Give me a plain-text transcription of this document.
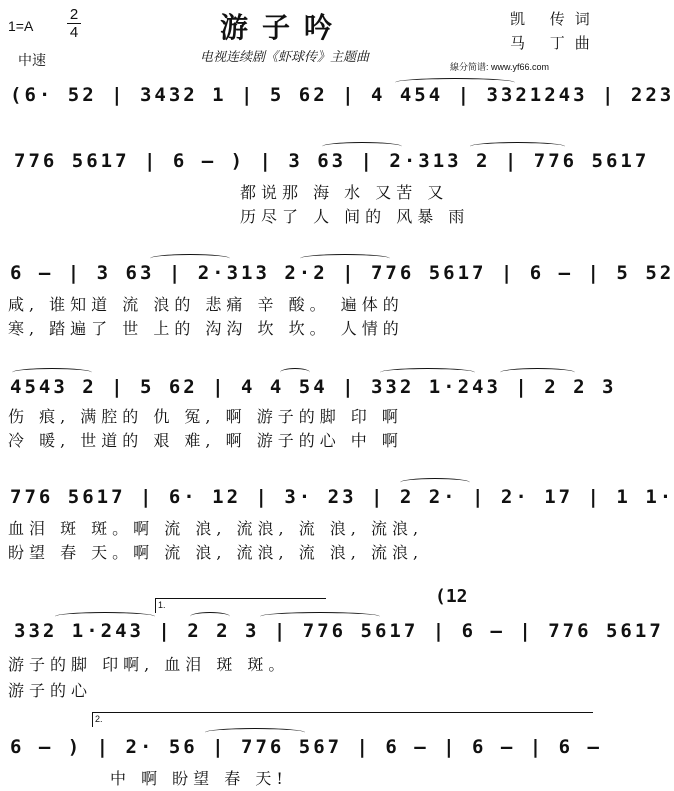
1=A
2
4
中速
游子吟
电视连续剧《虾球传》主题曲
凯 传词
马 丁曲
線分简谱: www.yf66.com
(6· 52 | 3432 1 | 5 62 | 4 454 | 3321243 | 223
776 5617 | 6 – ) | 3 63 | 2·313 2 | 776 5617
都说那 海 水 又苦 又
历尽了 人 间的 风暴 雨
6 – | 3 63 | 2·313 2·2 | 776 5617 | 6 – | 5 52
咸, 谁知道 流 浪的 悲痛 辛 酸。 遍体的
寒, 踏遍了 世 上的 沟沟 坎 坎。 人情的
4543 2 | 5 62 | 4 4 54 | 332 1·243 | 2 2 3
伤 痕, 满腔的 仇 冤, 啊 游子的脚 印 啊
冷 暖, 世道的 艰 难, 啊 游子的心 中 啊
776 5617 | 6· 12 | 3· 23 | 2 2· | 2· 17 | 1 1·
血泪 斑 斑。啊 流 浪, 流浪, 流 浪, 流浪,
盼望 春 天。啊 流 浪, 流浪, 流 浪, 流浪,
(12
1.
332 1·243 | 2 2 3 | 776 5617 | 6 – | 776 5617
游子的脚 印啊, 血泪 斑 斑。
游子的心
2.
6 – ) | 2· 56 | 776 567 | 6 – | 6 – | 6 –
中 啊 盼望 春 天!
